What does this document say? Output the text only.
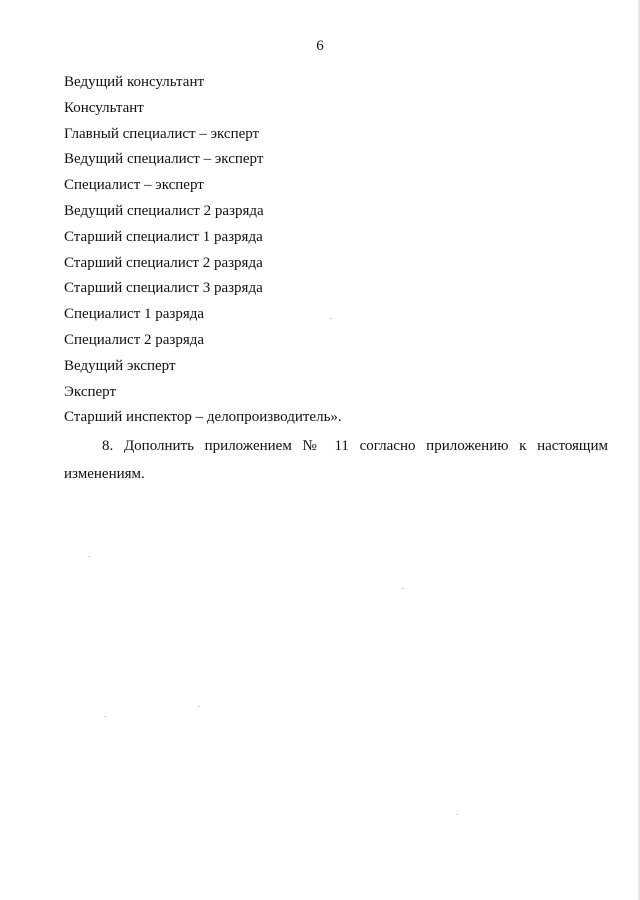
6
Ведущий консультант
Консультант
Главный специалист – эксперт
Ведущий специалист – эксперт
Специалист – эксперт
Ведущий специалист 2 разряда
Старший специалист 1 разряда
Старший специалист 2 разряда
Старший специалист 3 разряда
Специалист 1 разряда
Специалист 2 разряда
Ведущий эксперт
Эксперт
Старший инспектор – делопроизводитель».

8. Дополнить приложением № 11 согласно приложению к настоящим изменениям.
